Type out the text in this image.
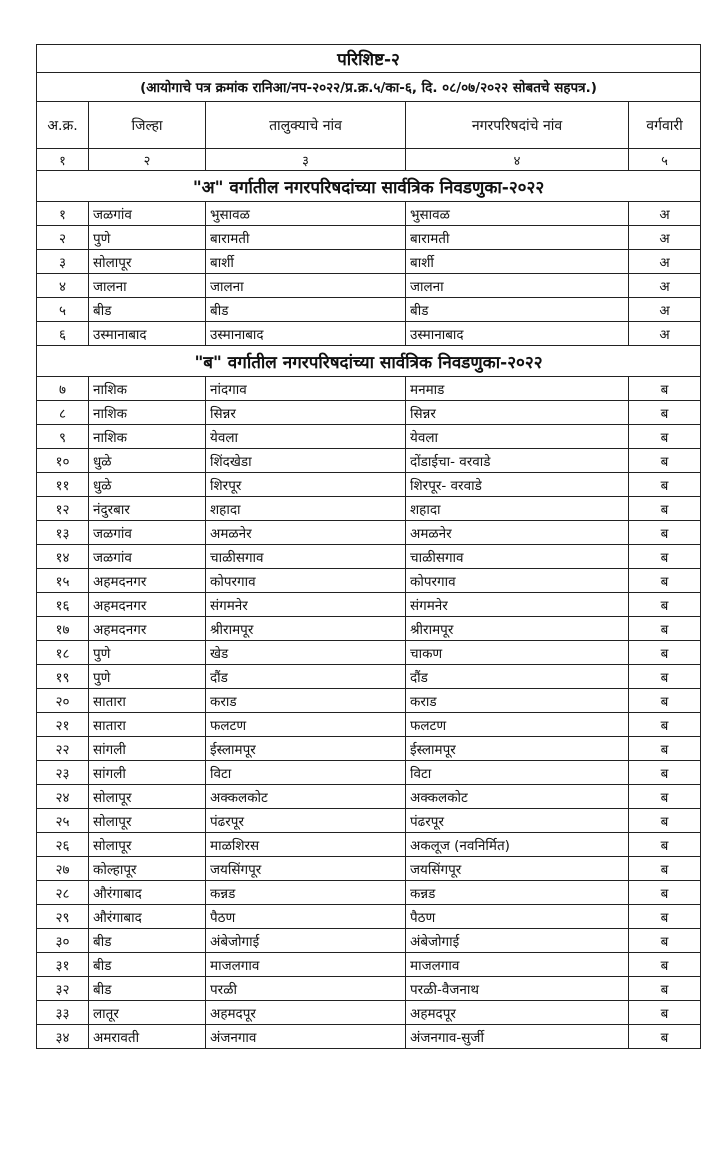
परिशिष्ट-२				
(आयोगाचे पत्र क्रमांक रानिआ/नप-२०२२/प्र.क्र.५/का-६, दि. ०८/०७/२०२२ सोबतचे सहपत्र.)				
अ.क्र.	जिल्हा	तालुक्याचे नांव	नगरपरिषदांचे नांव	वर्गवारी
१	२	३	४	५
"अ" वर्गातील नगरपरिषदांच्या सार्वत्रिक निवडणुका-२०२२				
१	जळगांव	भुसावळ	भुसावळ	अ
२	पुणे	बारामती	बारामती	अ
३	सोलापूर	बार्शी	बार्शी	अ
४	जालना	जालना	जालना	अ
५	बीड	बीड	बीड	अ
६	उस्मानाबाद	उस्मानाबाद	उस्मानाबाद	अ
"ब" वर्गातील नगरपरिषदांच्या सार्वत्रिक निवडणुका-२०२२				
७	नाशिक	नांदगाव	मनमाड	ब
८	नाशिक	सिन्नर	सिन्नर	ब
९	नाशिक	येवला	येवला	ब
१०	धुळे	शिंदखेडा	दोंडाईचा- वरवाडे	ब
११	धुळे	शिरपूर	शिरपूर- वरवाडे	ब
१२	नंदुरबार	शहादा	शहादा	ब
१३	जळगांव	अमळनेर	अमळनेर	ब
१४	जळगांव	चाळीसगाव	चाळीसगाव	ब
१५	अहमदनगर	कोपरगाव	कोपरगाव	ब
१६	अहमदनगर	संगमनेर	संगमनेर	ब
१७	अहमदनगर	श्रीरामपूर	श्रीरामपूर	ब
१८	पुणे	खेड	चाकण	ब
१९	पुणे	दौंड	दौंड	ब
२०	सातारा	कराड	कराड	ब
२१	सातारा	फलटण	फलटण	ब
२२	सांगली	ईस्लामपूर	ईस्लामपूर	ब
२३	सांगली	विटा	विटा	ब
२४	सोलापूर	अक्कलकोट	अक्कलकोट	ब
२५	सोलापूर	पंढरपूर	पंढरपूर	ब
२६	सोलापूर	माळशिरस	अकलूज (नवनिर्मित)	ब
२७	कोल्हापूर	जयसिंगपूर	जयसिंगपूर	ब
२८	औरंगाबाद	कन्नड	कन्नड	ब
२९	औरंगाबाद	पैठण	पैठण	ब
३०	बीड	अंबेजोगाई	अंबेजोगाई	ब
३१	बीड	माजलगाव	माजलगाव	ब
३२	बीड	परळी	परळी-वैजनाथ	ब
३३	लातूर	अहमदपूर	अहमदपूर	ब
३४	अमरावती	अंजनगाव	अंजनगाव-सुर्जी	ब
